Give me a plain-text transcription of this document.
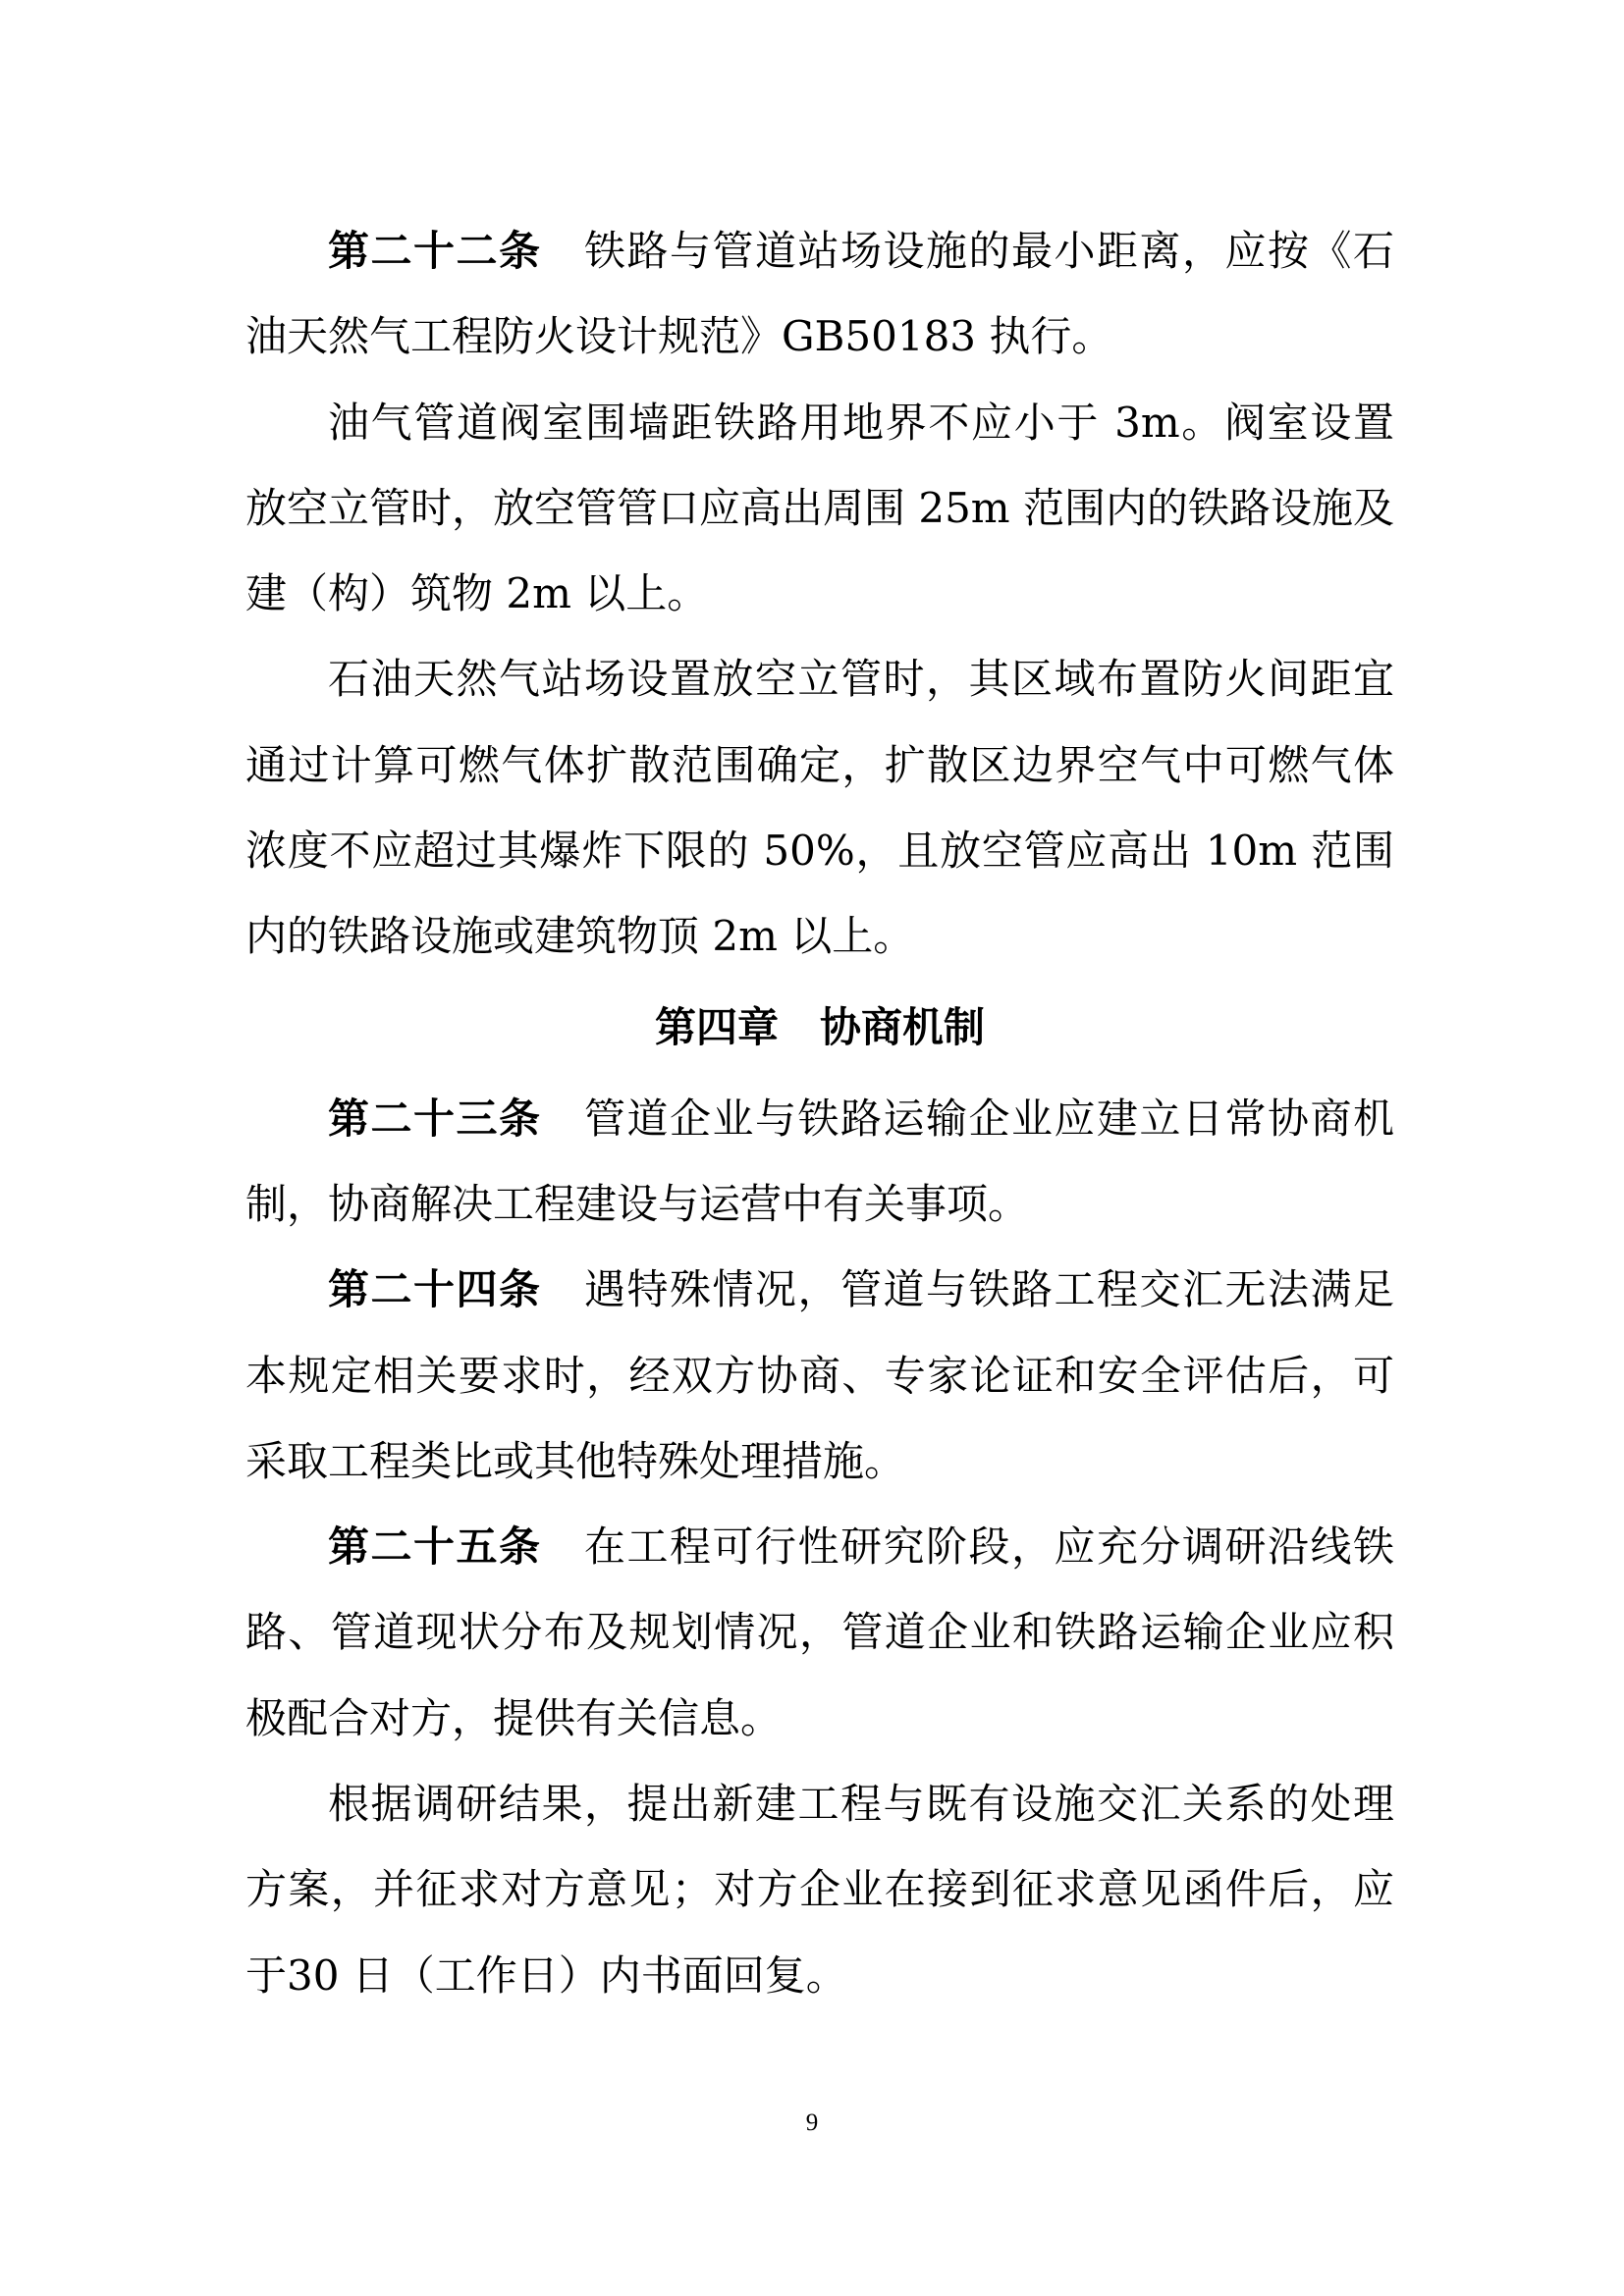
第二十二条 铁路与管道站场设施的最小距离，应按《石油天然气工程防火设计规范》GB50183 执行。

油气管道阀室围墙距铁路用地界不应小于 3m。阀室设置放空立管时，放空管管口应高出周围 25m 范围内的铁路设施及建（构）筑物 2m 以上。

石油天然气站场设置放空立管时，其区域布置防火间距宜通过计算可燃气体扩散范围确定，扩散区边界空气中可燃气体浓度不应超过其爆炸下限的 50%，且放空管应高出 10m 范围内的铁路设施或建筑物顶 2m 以上。

第四章 协商机制

第二十三条 管道企业与铁路运输企业应建立日常协商机制，协商解决工程建设与运营中有关事项。

第二十四条 遇特殊情况，管道与铁路工程交汇无法满足本规定相关要求时，经双方协商、专家论证和安全评估后，可采取工程类比或其他特殊处理措施。

第二十五条 在工程可行性研究阶段，应充分调研沿线铁路、管道现状分布及规划情况，管道企业和铁路运输企业应积极配合对方，提供有关信息。

根据调研结果，提出新建工程与既有设施交汇关系的处理方案，并征求对方意见；对方企业在接到征求意见函件后，应于30 日（工作日）内书面回复。

9
